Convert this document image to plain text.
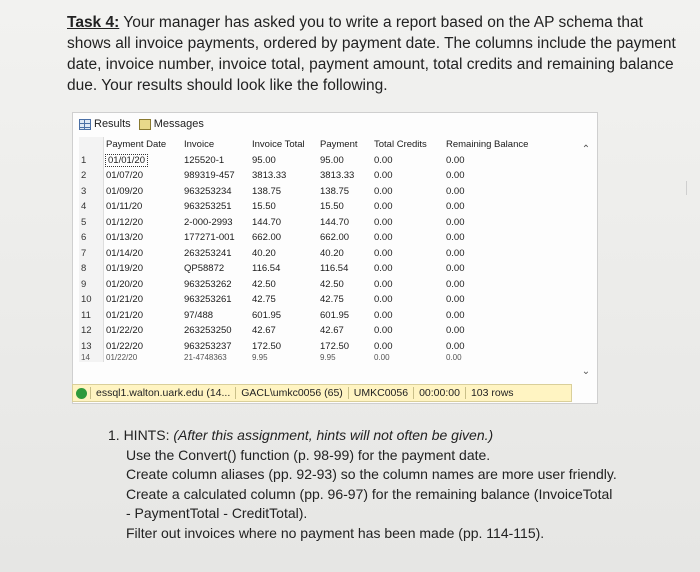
Task 4: Your manager has asked you to write a report based on the AP schema that shows all invoice payments, ordered by payment date. The columns include the payment date, invoice number, invoice total, payment amount, total credits and remaining balance due. Your results should look like the following.
Results Messages
	Payment Date	Invoice	Invoice Total	Payment	Total Credits	Remaining Balance
1	01/01/20	125520-1	95.00	95.00	0.00	0.00
2	01/07/20	989319-457	3813.33	3813.33	0.00	0.00
3	01/09/20	963253234	138.75	138.75	0.00	0.00
4	01/11/20	963253251	15.50	15.50	0.00	0.00
5	01/12/20	2-000-2993	144.70	144.70	0.00	0.00
6	01/13/20	177271-001	662.00	662.00	0.00	0.00
7	01/14/20	263253241	40.20	40.20	0.00	0.00
8	01/19/20	QP58872	116.54	116.54	0.00	0.00
9	01/20/20	963253262	42.50	42.50	0.00	0.00
10	01/21/20	963253261	42.75	42.75	0.00	0.00
11	01/21/20	97/488	601.95	601.95	0.00	0.00
12	01/22/20	263253250	42.67	42.67	0.00	0.00
13	01/22/20	963253237	172.50	172.50	0.00	0.00
14	01/22/20	21-4748363	9.95	9.95	0.00	0.00
⌃
⌄
essql1.walton.uark.edu (14...	GACL\umkc0056 (65)	UMKC0056	00:00:00	103 rows
1. HINTS: (After this assignment, hints will not often be given.)
Use the Convert() function (p. 98-99) for the payment date.
Create column aliases (pp. 92-93) so the column names are more user friendly.
Create a calculated column (pp. 96-97) for the remaining balance (InvoiceTotal
- PaymentTotal - CreditTotal).
Filter out invoices where no payment has been made (pp. 114-115).
